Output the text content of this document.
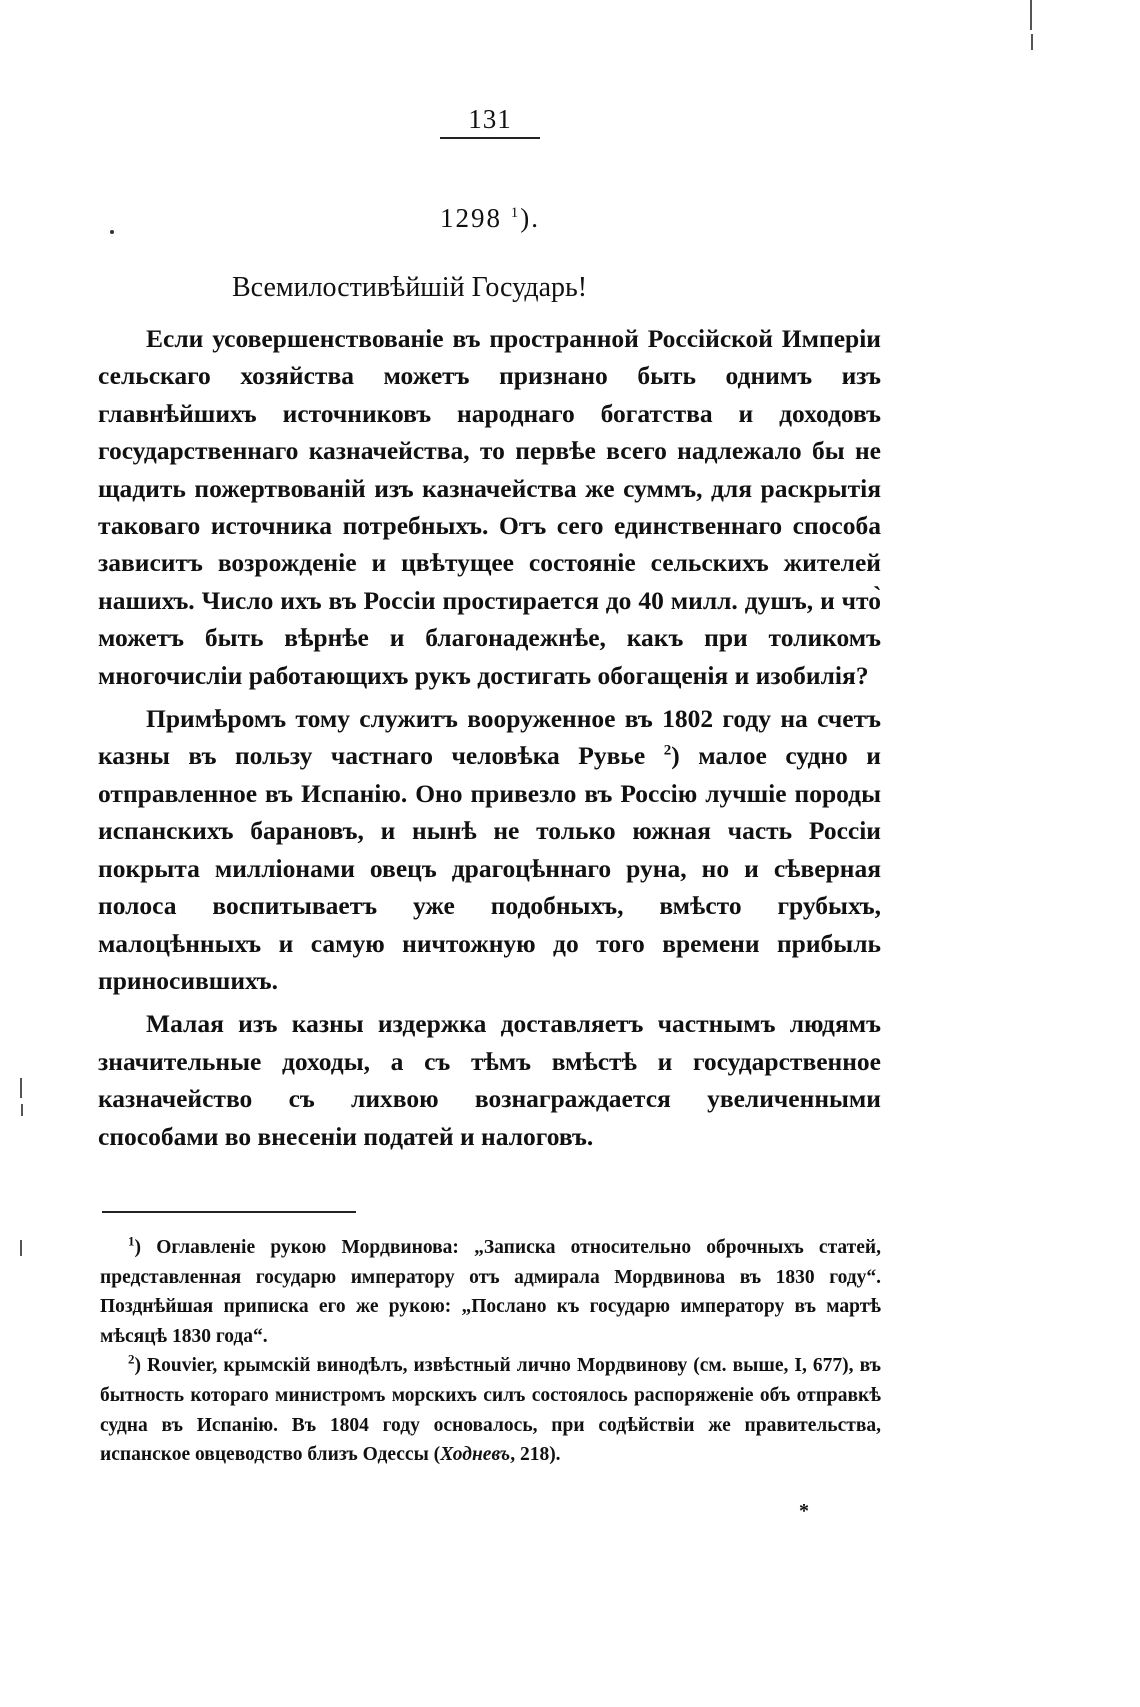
131
1298 $^1$).
Всемилостивѣйшій Государь!

Если усовершенствованіе въ пространной Россійской Имперіи сельскаго хозяйства можетъ признано быть однимъ изъ главнѣйшихъ источниковъ народнаго богатства и доходовъ государственнаго казначейства, то первѣе всего надлежало бы не щадить пожертвованій изъ казначейства же суммъ, для раскрытія таковаго источника потребныхъ. Отъ сего единственнаго способа зависитъ возрожденіе и цвѣтущее состояніе сельскихъ жителей нашихъ. Число ихъ въ Россіи простирается до 40 милл. душъ, и что̀ можетъ быть вѣрнѣе и благонадежнѣе, какъ при толикомъ многочисліи работающихъ рукъ достигать обогащенія и изобилія?

Примѣромъ тому служитъ вооруженное въ 1802 году на счетъ казны въ пользу частнаго человѣка Рувье $^2$) малое судно и отправленное въ Испанію. Оно привезло въ Россію лучшіе породы испанскихъ барановъ, и нынѣ не только южная часть Россіи покрыта милліонами овецъ драгоцѣннаго руна, но и сѣверная полоса воспитываетъ уже подобныхъ, вмѣсто грубыхъ, малоцѣнныхъ и самую ничтожную до того времени прибыль приносившихъ.

Малая изъ казны издержка доставляетъ частнымъ людямъ значительные доходы, а съ тѣмъ вмѣстѣ и государственное казначейство съ лихвою вознаграждается увеличенными способами во внесеніи податей и налоговъ.

$^1$) Оглавленіе рукою Мордвинова: „Записка относительно оброчныхъ статей, представленная государю императору отъ адмирала Мордвинова въ 1830 году“. Позднѣйшая приписка его же рукою: „Послано къ государю императору въ мартѣ мѣсяцѣ 1830 года“.

$^2$) Rouvier, крымскій винодѣлъ, извѣстный лично Мордвинову (см. выше, I, 677), въ бытность котораго министромъ морскихъ силъ состоялось распоряженіе объ отправкѣ судна въ Испанію. Въ 1804 году основалось, при содѣйствіи же правительства, испанское овцеводство близъ Одессы (Ходневъ, 218).

*
